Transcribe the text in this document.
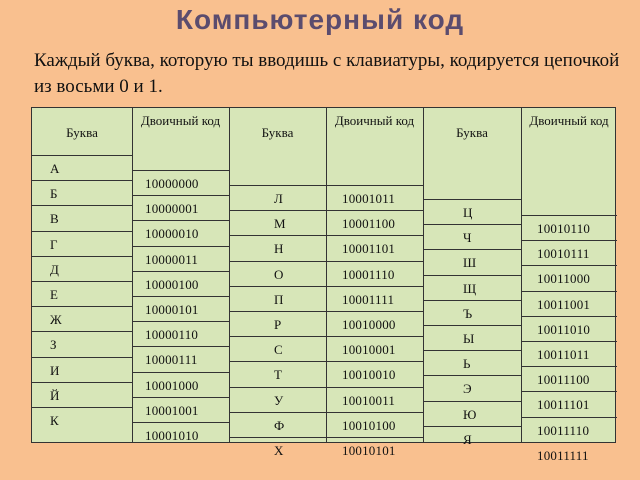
Компьютерный код
Каждый буква, которую ты вводишь с клавиатуры, кодируется цепочкой из восьми 0 и 1.
Буква
Двоичный код
Буква
Двоичный код
Буква
Двоичный код
А
Б
В
Г
Д
Е
Ж
З
И
Й
К
10000000
10000001
10000010
10000011
10000100
10000101
10000110
10000111
10001000
10001001
10001010
Л
М
Н
О
П
Р
С
Т
У
Ф
Х
10001011
10001100
10001101
10001110
10001111
10010000
10010001
10010010
10010011
10010100
10010101
Ц
Ч
Ш
Щ
Ъ
Ы
Ь
Э
Ю
Я
10010110
10010111
10011000
10011001
10011010
10011011
10011100
10011101
10011110
10011111
